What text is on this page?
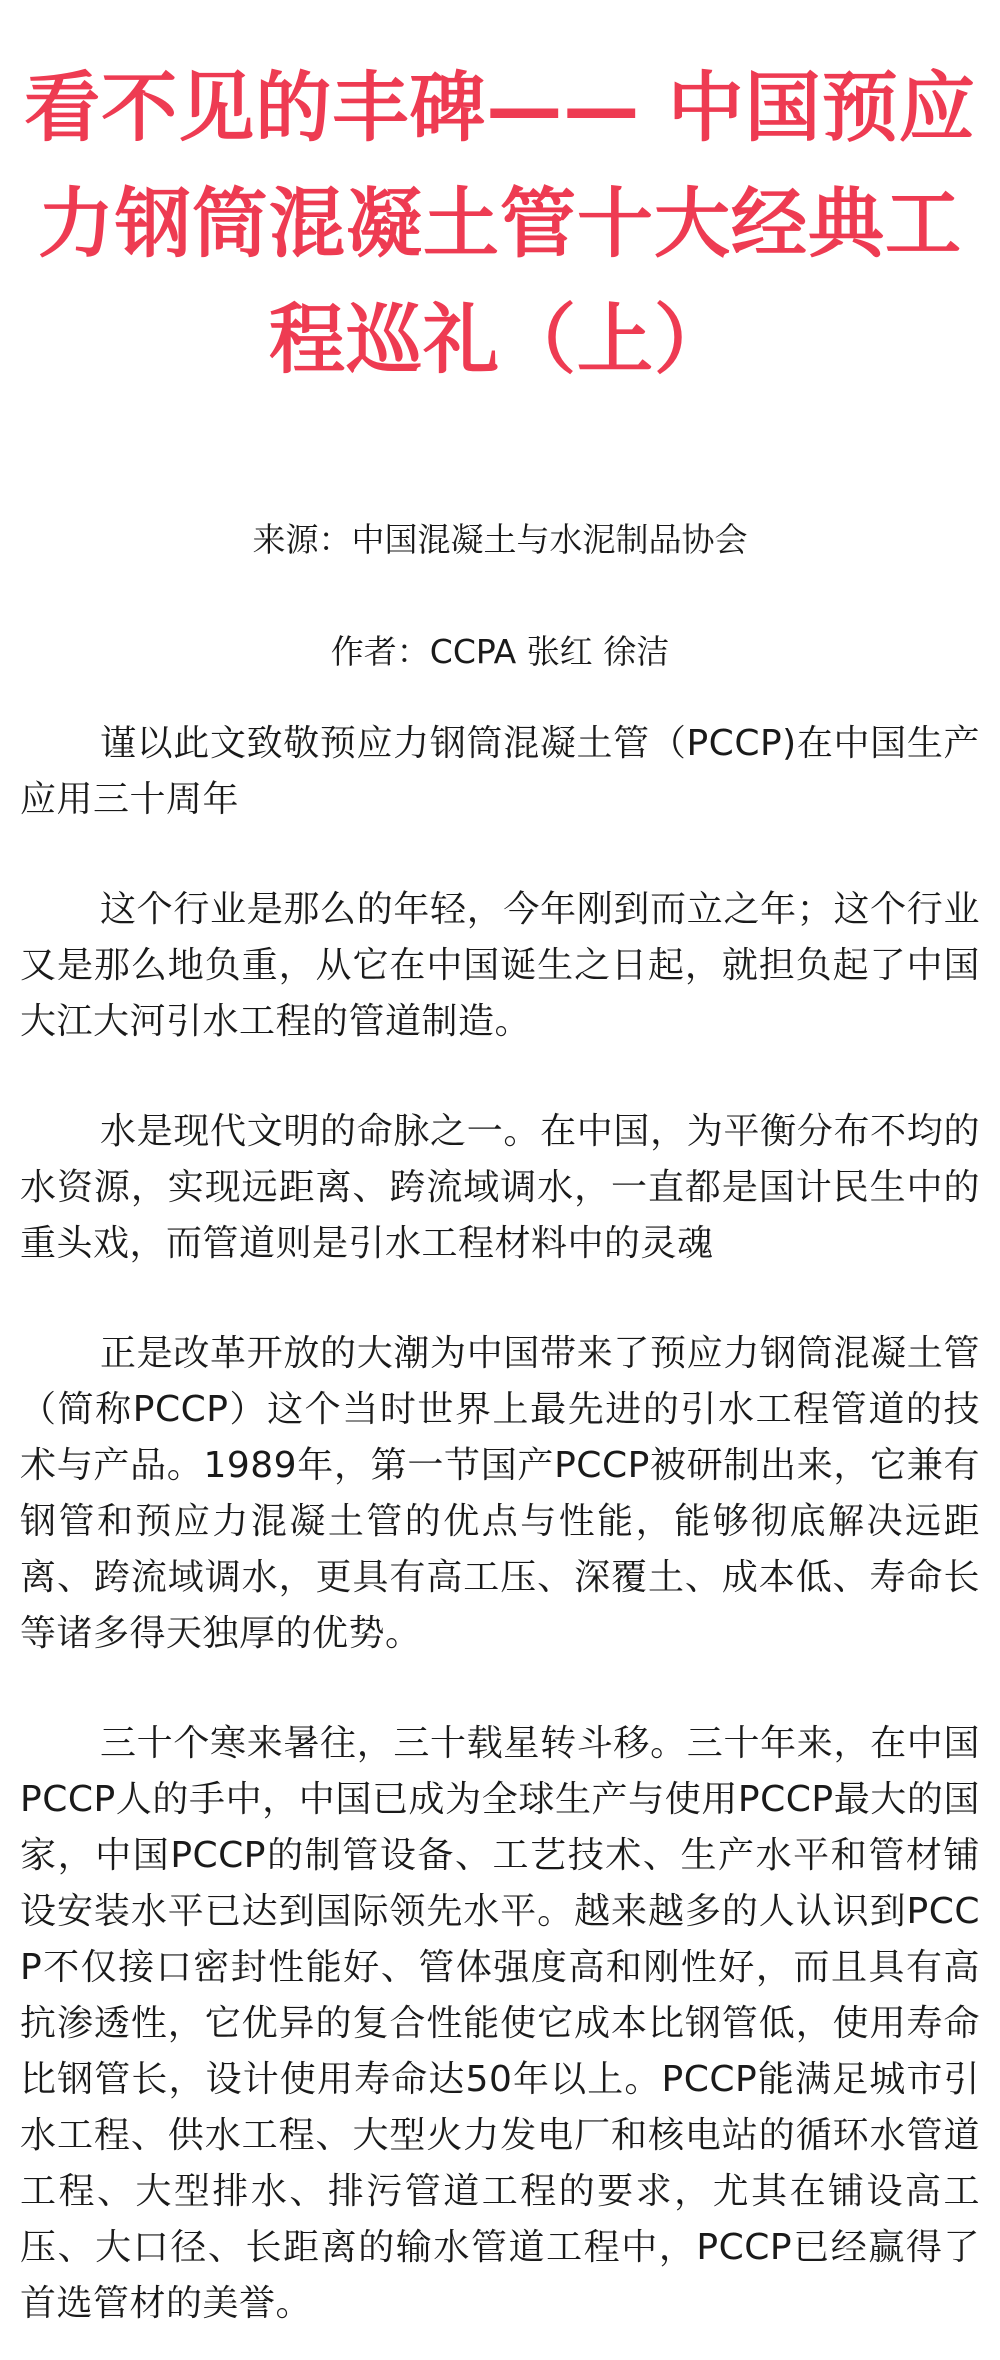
看不见的丰碑—— 中国预应力钢筒混凝土管十大经典工程巡礼（上）

来源：中国混凝土与水泥制品协会

作者：CCPA 张红 徐洁

谨以此文致敬预应力钢筒混凝土管（PCCP)在中国生产应用三十周年

这个行业是那么的年轻，今年刚到而立之年；这个行业又是那么地负重，从它在中国诞生之日起，就担负起了中国大江大河引水工程的管道制造。

水是现代文明的命脉之一。在中国，为平衡分布不均的水资源，实现远距离、跨流域调水，一直都是国计民生中的重头戏，而管道则是引水工程材料中的灵魂

正是改革开放的大潮为中国带来了预应力钢筒混凝土管（简称PCCP）这个当时世界上最先进的引水工程管道的技术与产品。1989年，第一节国产PCCP被研制出来，它兼有钢管和预应力混凝土管的优点与性能，能够彻底解决远距离、跨流域调水，更具有高工压、深覆土、成本低、寿命长等诸多得天独厚的优势。

三十个寒来暑往，三十载星转斗移。三十年来，在中国PCCP人的手中，中国已成为全球生产与使用PCCP最大的国家，中国PCCP的制管设备、工艺技术、生产水平和管材铺设安装水平已达到国际领先水平。越来越多的人认识到PCCP不仅接口密封性能好、管体强度高和刚性好，而且具有高抗渗透性，它优异的复合性能使它成本比钢管低，使用寿命比钢管长，设计使用寿命达50年以上。PCCP能满足城市引水工程、供水工程、大型火力发电厂和核电站的循环水管道工程、大型排水、排污管道工程的要求，尤其在铺设高工压、大口径、长距离的输水管道工程中，PCCP已经赢得了首选管材的美誉。
